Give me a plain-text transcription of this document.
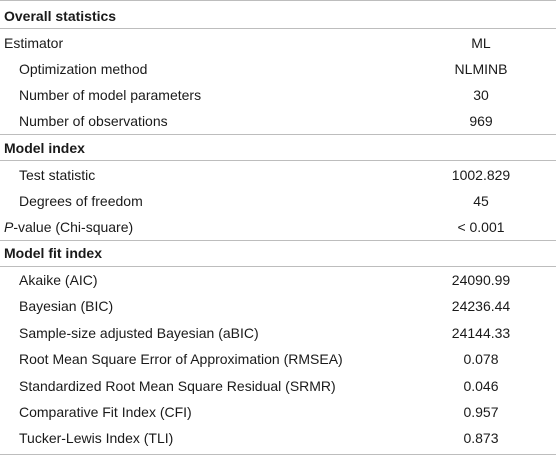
Overall statistics
Estimator	ML
Optimization method	NLMINB
Number of model parameters	30
Number of observations	969
Model index
Test statistic	1002.829
Degrees of freedom	45
P-value (Chi-square)	< 0.001
Model fit index
Akaike (AIC)	24090.99
Bayesian (BIC)	24236.44
Sample-size adjusted Bayesian (aBIC)	24144.33
Root Mean Square Error of Approximation (RMSEA)	0.078
Standardized Root Mean Square Residual (SRMR)	0.046
Comparative Fit Index (CFI)	0.957
Tucker-Lewis Index (TLI)	0.873
